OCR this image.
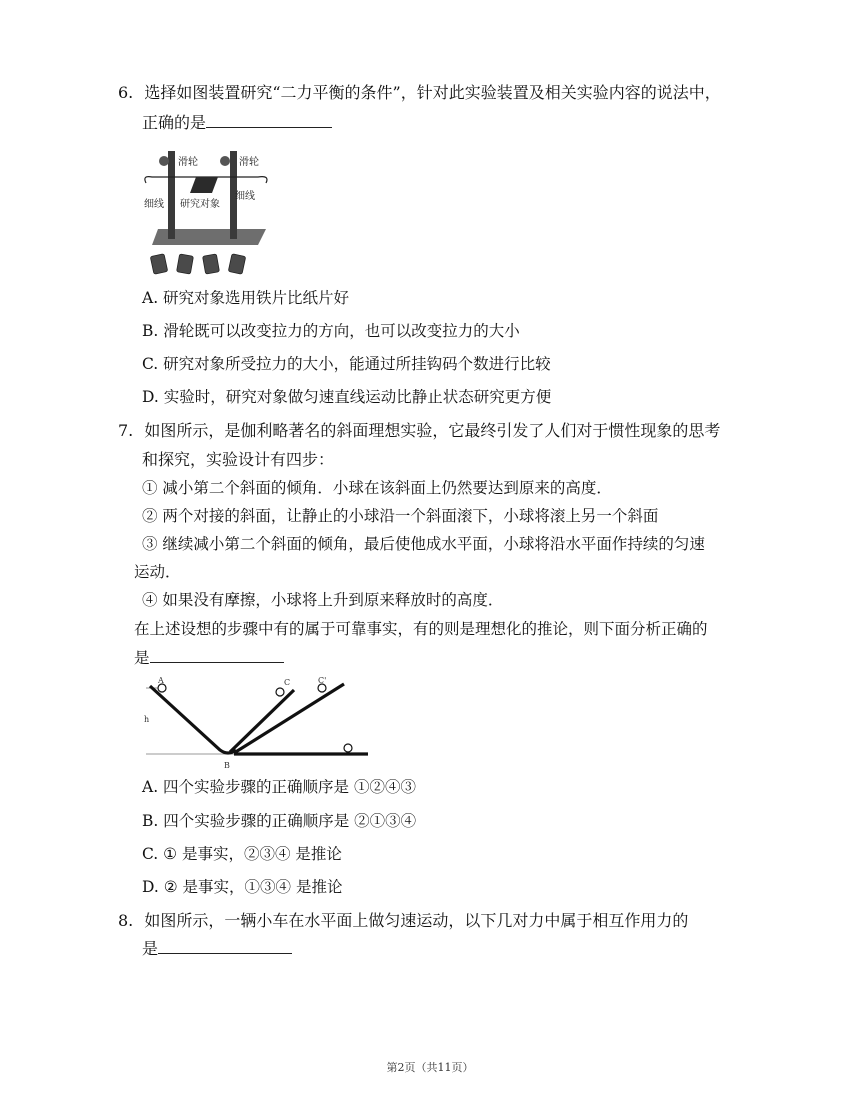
6. 选择如图装置研究“二力平衡的条件”，针对此实验装置及相关实验内容的说法中，
正确的是
滑轮	滑轮
细线 研究对象
细线
A. 研究对象选用铁片比纸片好
B. 滑轮既可以改变拉力的方向，也可以改变拉力的大小
C. 研究对象所受拉力的大小，能通过所挂钩码个数进行比较
D. 实验时，研究对象做匀速直线运动比静止状态研究更方便
7. 如图所示，是伽利略著名的斜面理想实验，它最终引发了人们对于惯性现象的思考
和探究，实验设计有四步：
① 减小第二个斜面的倾角．小球在该斜面上仍然要达到原来的高度．
② 两个对接的斜面，让静止的小球沿一个斜面滚下，小球将滚上另一个斜面
③ 继续减小第二个斜面的倾角，最后使他成水平面，小球将沿水平面作持续的匀速
运动．
④ 如果没有摩擦，小球将上升到原来释放时的高度．
在上述设想的步骤中有的属于可靠事实，有的则是理想化的推论，则下面分析正确的
是
A
h
B
C	C'
A. 四个实验步骤的正确顺序是 ①②④③
B. 四个实验步骤的正确顺序是 ②①③④
C. ① 是事实，②③④ 是推论
D. ② 是事实，①③④ 是推论
8. 如图所示，一辆小车在水平面上做匀速运动，以下几对力中属于相互作用力的
是
第2页（共11页）
